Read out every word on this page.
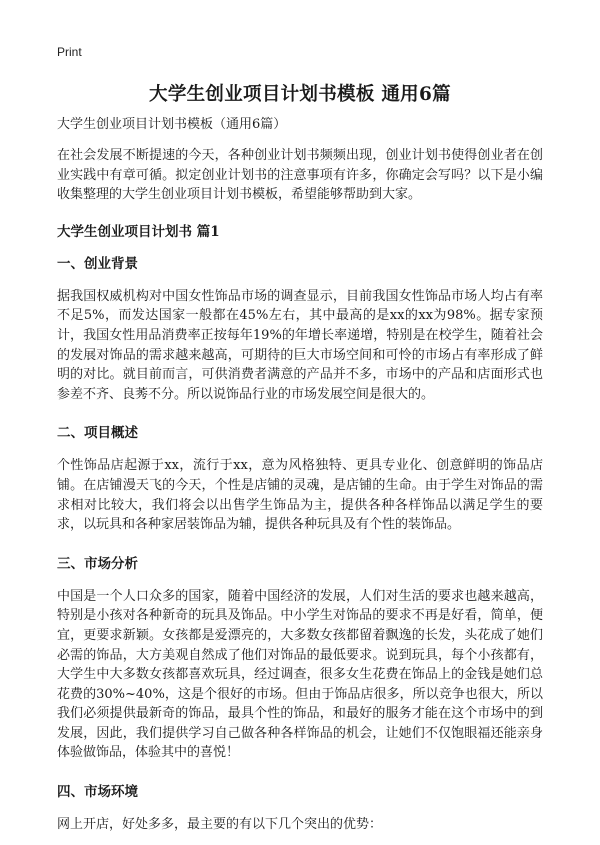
Print
大学生创业项目计划书模板 通用6篇
大学生创业项目计划书模板（通用6篇）

在社会发展不断提速的今天，各种创业计划书频频出现，创业计划书使得创业者在创业实践中有章可循。拟定创业计划书的注意事项有许多，你确定会写吗？以下是小编收集整理的大学生创业项目计划书模板，希望能够帮助到大家。

大学生创业项目计划书 篇1
一、创业背景

据我国权威机构对中国女性饰品市场的调查显示，目前我国女性饰品市场人均占有率不足5%，而发达国家一般都在45%左右，其中最高的是xx的xx为98%。据专家预计，我国女性用品消费率正按每年19%的年增长率递增，特别是在校学生，随着社会的发展对饰品的需求越来越高，可期待的巨大市场空间和可怜的市场占有率形成了鲜明的对比。就目前而言，可供消费者满意的产品并不多，市场中的产品和店面形式也参差不齐、良莠不分。所以说饰品行业的市场发展空间是很大的。

二、项目概述

个性饰品店起源于xx，流行于xx，意为风格独特、更具专业化、创意鲜明的饰品店铺。在店铺漫天飞的今天，个性是店铺的灵魂，是店铺的生命。由于学生对饰品的需求相对比较大，我们将会以出售学生饰品为主，提供各种各样饰品以满足学生的要求，以玩具和各种家居装饰品为辅，提供各种玩具及有个性的装饰品。

三、市场分析

中国是一个人口众多的国家，随着中国经济的发展，人们对生活的要求也越来越高，特别是小孩对各种新奇的玩具及饰品。中小学生对饰品的要求不再是好看，简单，便宜，更要求新颖。女孩都是爱漂亮的，大多数女孩都留着飘逸的长发，头花成了她们必需的饰品，大方美观自然成了他们对饰品的最低要求。说到玩具，每个小孩都有，大学生中大多数女孩都喜欢玩具，经过调查，很多女生花费在饰品上的金钱是她们总花费的30%~40%，这是个很好的市场。但由于饰品店很多，所以竞争也很大，所以我们必须提供最新奇的饰品，最具个性的饰品，和最好的服务才能在这个市场中的到发展，因此，我们提供学习自己做各种各样饰品的机会，让她们不仅饱眼福还能亲身体验做饰品，体验其中的喜悦！

四、市场环境

网上开店，好处多多，最主要的有以下几个突出的优势：
